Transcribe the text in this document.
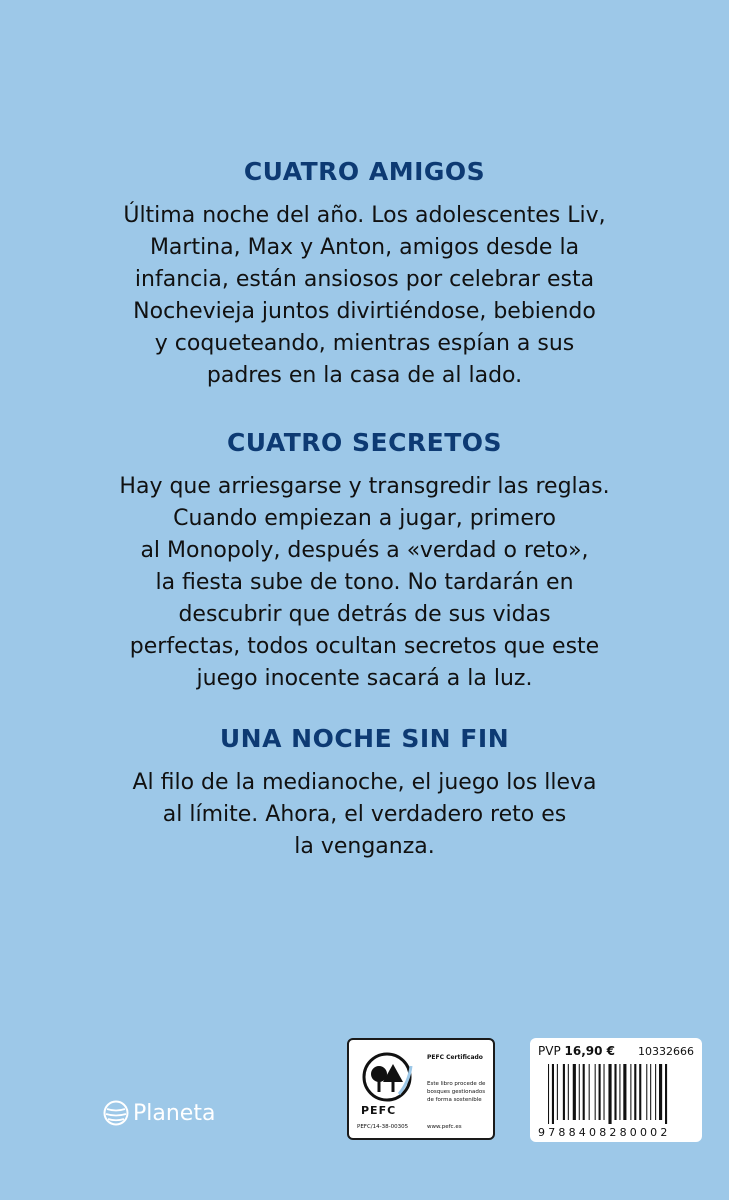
CUATRO AMIGOS

Última noche del año. Los adolescentes Liv,

Martina, Max y Anton, amigos desde la

infancia, están ansiosos por celebrar esta

Nochevieja juntos divirtiéndose, bebiendo

y coqueteando, mientras espían a sus

padres en la casa de al lado.

CUATRO SECRETOS

Hay que arriesgarse y transgredir las reglas.

Cuando empiezan a jugar, primero

al Monopoly, después a «verdad o reto»,

la fiesta sube de tono. No tardarán en

descubrir que detrás de sus vidas

perfectas, todos ocultan secretos que este

juego inocente sacará a la luz.

UNA NOCHE SIN FIN

Al filo de la medianoche, el juego los lleva

al límite. Ahora, el verdadero reto es

la venganza.

Planeta	PEFC
PEFC/14-38-00305
PEFC Certificado
Este libro procede de bosques gestionados de forma sostenible
www.pefc.es
PVP 16,90 € 10332666
9788408280002
